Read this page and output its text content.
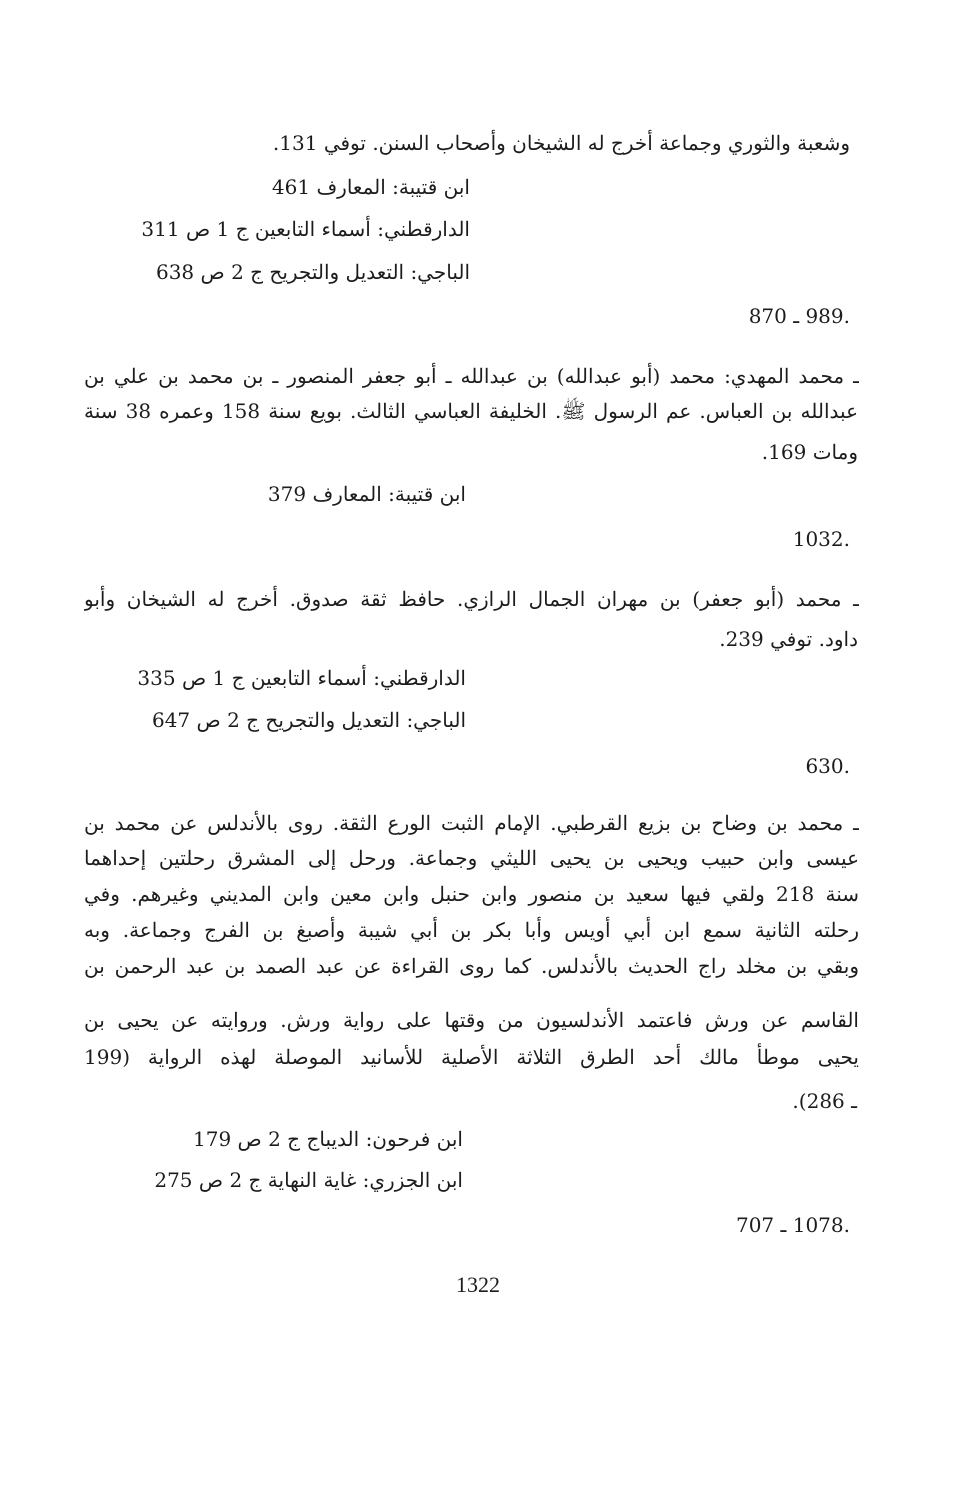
وشعبة والثوري وجماعة أخرج له الشيخان وأصحاب السنن. توفي 131.

ابن قتيبة: المعارف 461

الدارقطني: أسماء التابعين ج 1 ص 311

الباجي: التعديل والتجريح ج 2 ص 638

.989 ـ 870

ـ محمد المهدي: محمد (أبو عبدالله) بن عبدالله ـ أبو جعفر المنصور ـ بن محمد بن علي بن

عبدالله بن العباس. عم الرسول ﷺ. الخليفة العباسي الثالث. بويع سنة 158 وعمره 38 سنة

ومات 169.

ابن قتيبة: المعارف 379

.1032

ـ محمد (أبو جعفر) بن مهران الجمال الرازي. حافظ ثقة صدوق. أخرج له الشيخان وأبو

داود. توفي 239.

الدارقطني: أسماء التابعين ج 1 ص 335

الباجي: التعديل والتجريح ج 2 ص 647

.630

ـ محمد بن وضاح بن بزيع القرطبي. الإمام الثبت الورع الثقة. روى بالأندلس عن محمد بن

عيسى وابن حبيب ويحيى بن يحيى الليثي وجماعة. ورحل إلى المشرق رحلتين إحداهما

سنة 218 ولقي فيها سعيد بن منصور وابن حنبل وابن معين وابن المديني وغيرهم. وفي

رحلته الثانية سمع ابن أبي أويس وأبا بكر بن أبي شيبة وأصبغ بن الفرج وجماعة. وبه

وبقي بن مخلد راج الحديث بالأندلس. كما روى القراءة عن عبد الصمد بن عبد الرحمن بن

القاسم عن ورش فاعتمد الأندلسيون من وقتها على رواية ورش. وروايته عن يحيى بن

يحيى موطأ مالك أحد الطرق الثلاثة الأصلية للأسانيد الموصلة لهذه الرواية (199

ـ 286).

ابن فرحون: الديباج ج 2 ص 179

ابن الجزري: غاية النهاية ج 2 ص 275

.1078 ـ 707

1322
